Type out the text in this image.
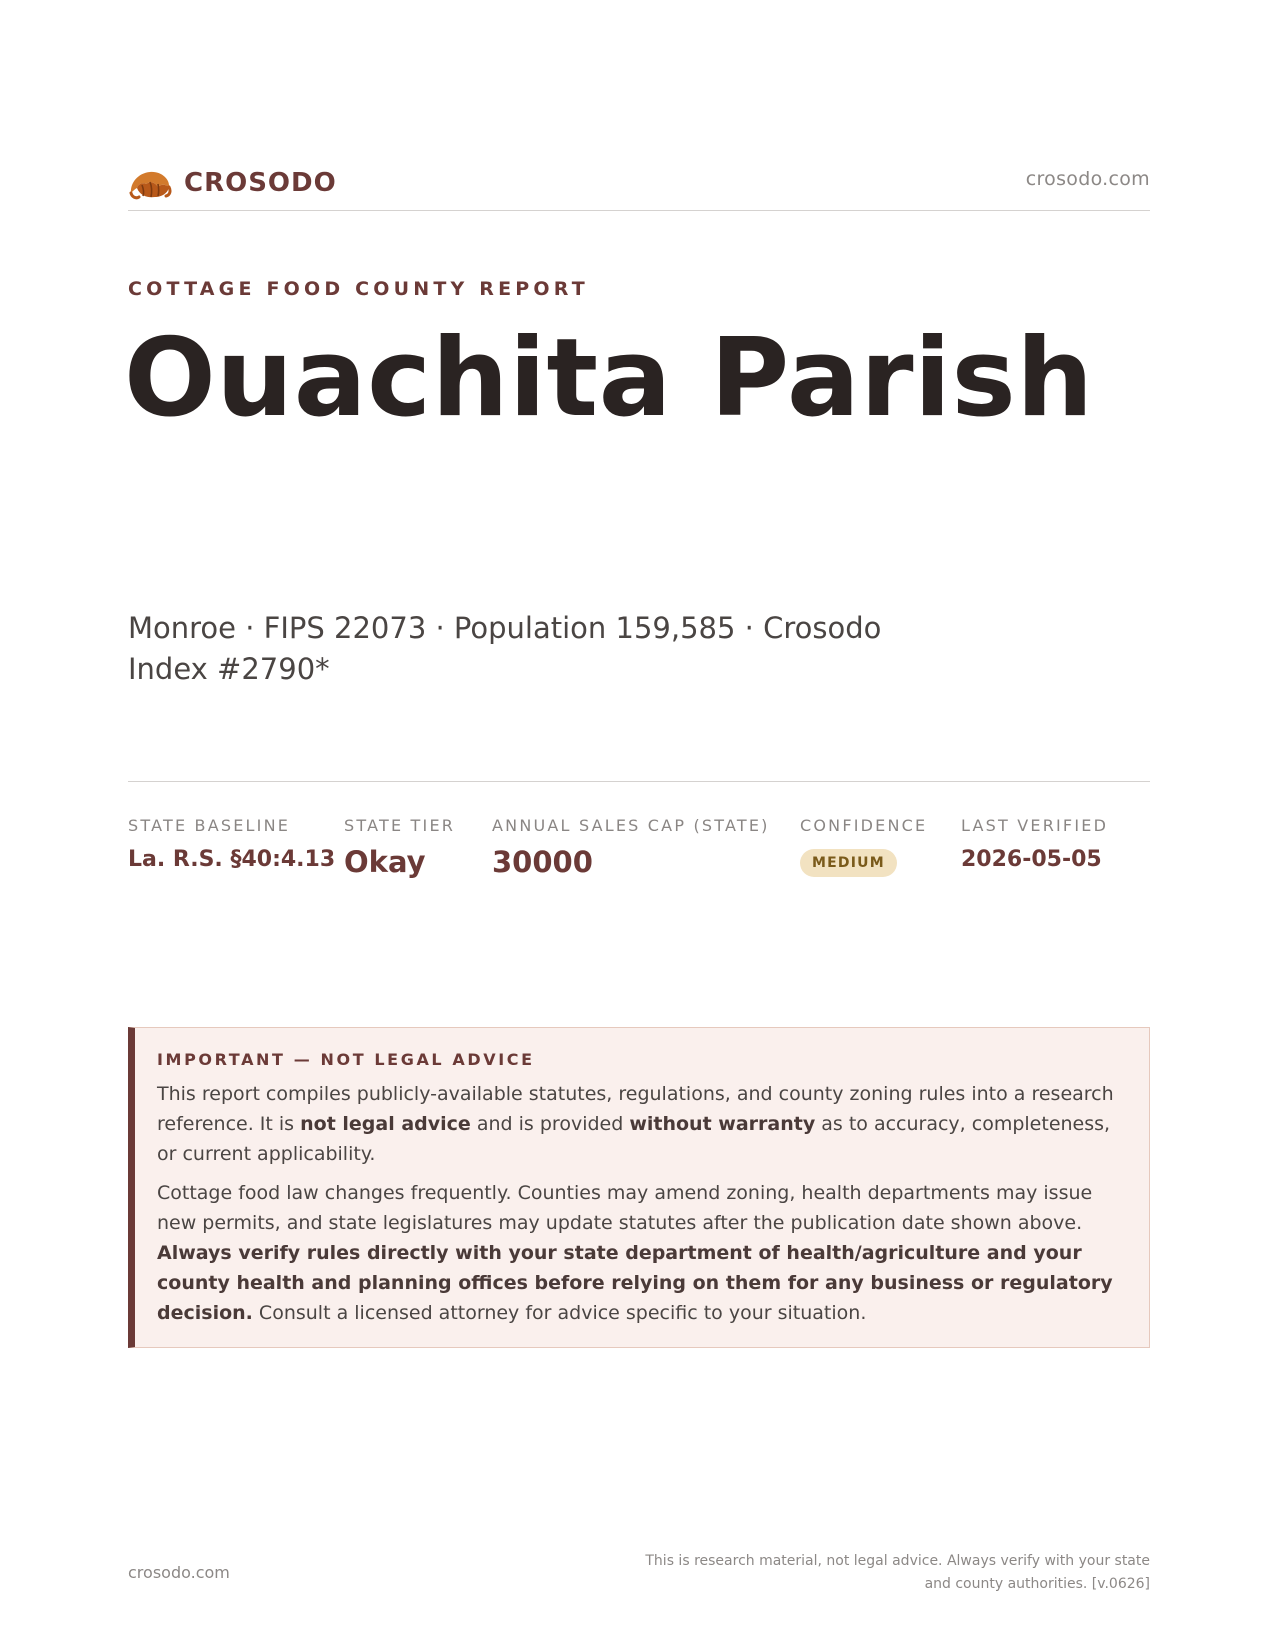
CROSODO	crosodo.com
COTTAGE FOOD COUNTY REPORT
Ouachita Parish
Monroe · FIPS 22073 · Population 159,585 · Crosodo Index #2790*
STATE BASELINE
La. R.S. §40:4.13
STATE TIER
Okay
ANNUAL SALES CAP (STATE)
30000
CONFIDENCE
MEDIUM
LAST VERIFIED
2026-05-05
IMPORTANT — NOT LEGAL ADVICE

This report compiles publicly-available statutes, regulations, and county zoning rules into a research reference. It is not legal advice and is provided without warranty as to accuracy, completeness, or current applicability.

Cottage food law changes frequently. Counties may amend zoning, health departments may issue new permits, and state legislatures may update statutes after the publication date shown above. Always verify rules directly with your state department of health/agriculture and your county health and planning offices before relying on them for any business or regulatory decision. Consult a licensed attorney for advice specific to your situation.

crosodo.com
This is research material, not legal advice. Always verify with your state and county authorities. [v.0626]
